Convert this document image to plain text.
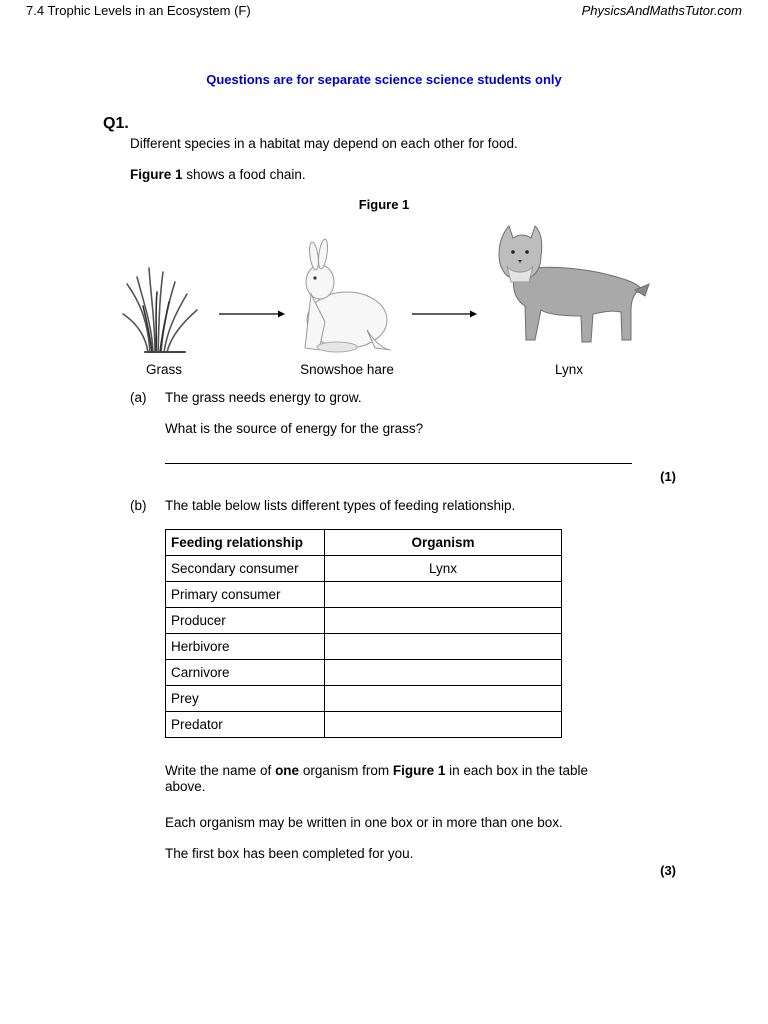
7.4 Trophic Levels in an Ecosystem (F)	PhysicsAndMathsTutor.com
Questions are for separate science science students only
Q1.
Different species in a habitat may depend on each other for food.
Figure 1 shows a food chain.
Figure 1
Grass	Snowshoe hare	Lynx
(a) The grass needs energy to grow.
What is the source of energy for the grass?
(1)
(b) The table below lists different types of feeding relationship.
Feeding relationship	Organism
Secondary consumer	Lynx
Primary consumer	
Producer	
Herbivore	
Carnivore	
Prey	
Predator	
Write the name of one organism from Figure 1 in each box in the table above.
Each organism may be written in one box or in more than one box.
The first box has been completed for you.
(3)
